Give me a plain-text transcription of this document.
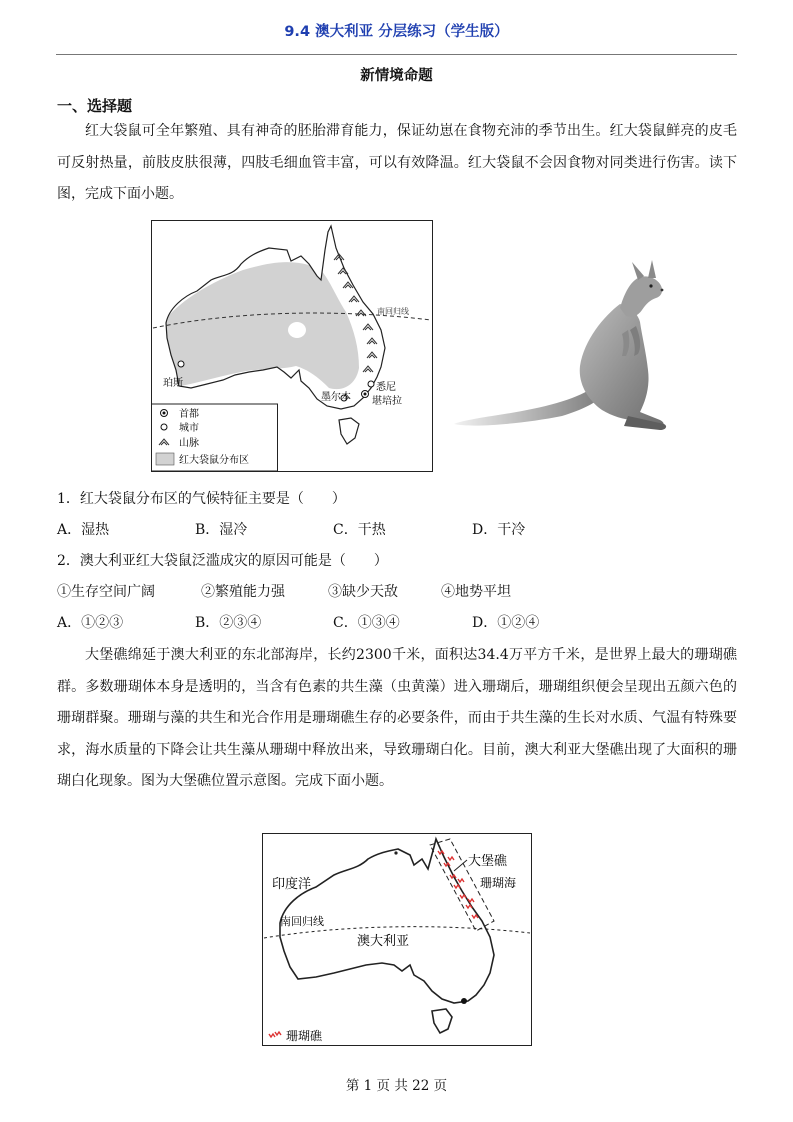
9.4 澳大利亚 分层练习（学生版）
新情境命题
一、选择题
红大袋鼠可全年繁殖、具有神奇的胚胎滞育能力，保证幼崽在食物充沛的季节出生。红大袋鼠鲜亮的皮毛可反射热量，前肢皮肤很薄，四肢毛细血管丰富，可以有效降温。红大袋鼠不会因食物对同类进行伤害。读下图，完成下面小题。
南回归线
珀斯	悉尼
堪培拉
墨尔本
首都
城市
山脉
红大袋鼠分布区
1．红大袋鼠分布区的气候特征主要是（　　）
A．湿热	B．湿冷	C．干热	D．干冷
2．澳大利亚红大袋鼠泛滥成灾的原因可能是（　　）
①生存空间广阔	②繁殖能力强	③缺少天敌	④地势平坦
A．①②③	B．②③④	C．①③④	D．①②④
大堡礁绵延于澳大利亚的东北部海岸，长约2300千米，面积达34.4万平方千米，是世界上最大的珊瑚礁群。多数珊瑚体本身是透明的，当含有色素的共生藻（虫黄藻）进入珊瑚后，珊瑚组织便会呈现出五颜六色的珊瑚群聚。珊瑚与藻的共生和光合作用是珊瑚礁生存的必要条件，而由于共生藻的生长对水质、气温有特殊要求，海水质量的下降会让共生藻从珊瑚中释放出来，导致珊瑚白化。目前，澳大利亚大堡礁出现了大面积的珊瑚白化现象。图为大堡礁位置示意图。完成下面小题。
印度洋
大堡礁
珊瑚海
南回归线
澳大利亚
珊瑚礁
第 1 页 共 22 页
